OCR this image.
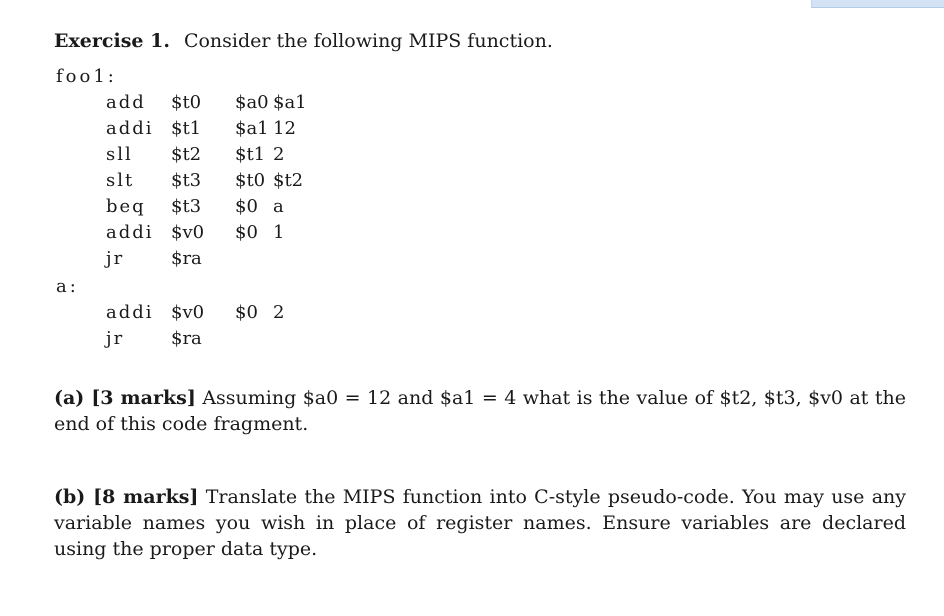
Exercise 1. Consider the following MIPS function.
foo1:
add $t0 $a0 $a1
addi $t1 $a1 12
sll $t2 $t1 2
slt $t3 $t0 $t2
beq $t3 $0 a
addi $v0 $0 1
jr	$ra
a:
addi $v0 $0 2
jr	$ra

(a) [3 marks] Assuming $a0 = 12 and $a1 = 4 what is the value of $t2, $t3, $v0 at the end of this code fragment.

(b) [8 marks] Translate the MIPS function into C-style pseudo-code. You may use any variable names you wish in place of register names. Ensure variables are declared using the proper data type.
